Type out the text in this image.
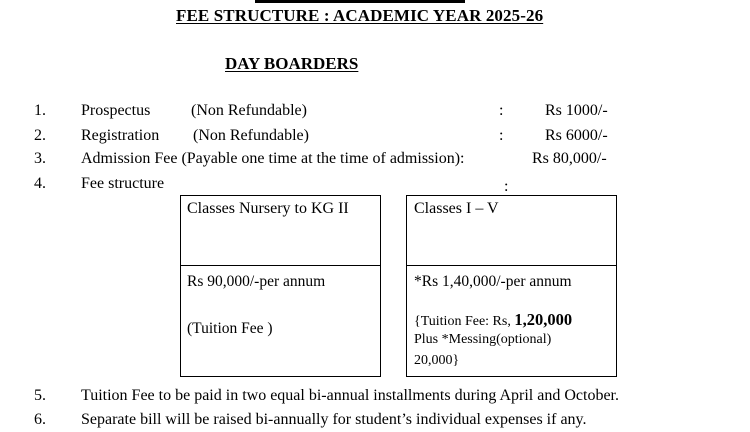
FEE STRUCTURE : ACADEMIC YEAR 2025-26
DAY BOARDERS
1. Prospectus	(Non Refundable)	:	Rs 1000/-
2. Registration (Non Refundable)	:	Rs 6000/-
3. Admission Fee (Payable one time at the time of admission):	Rs 80,000/-
4. Fee structure	:
Classes Nursery to KG II
Rs 90,000/-per annum
(Tuition Fee )
Classes I – V
*Rs 1,40,000/-per annum
{Tuition Fee: Rs, 1,20,000
Plus *Messing(optional)
20,000}
5. Tuition Fee to be paid in two equal bi-annual installments during April and October.
6. Separate bill will be raised bi-annually for student’s individual expenses if any.
